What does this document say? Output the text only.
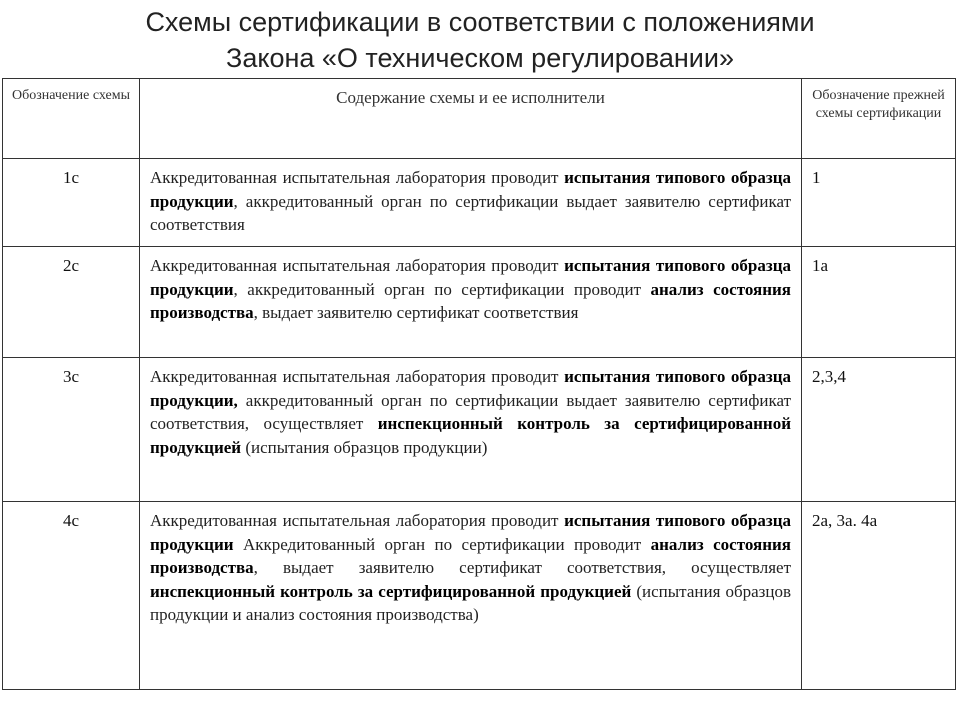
Схемы сертификации в соответствии с положениями
Закона «О техническом регулировании»
Обозначение схемы	Содержание схемы и ее исполнители	Обозначение прежней схемы сертификации
1с	Аккредитованная испытательная лаборатория проводит испытания типового образца продукции, аккредитованный орган по сертификации выдает заявителю сертификат соответствия	1
2с	Аккредитованная испытательная лаборатория проводит испытания типового образца продукции, аккредитованный орган по сертификации проводит анализ состояния производства, выдает заявителю сертификат соответствия	1а
3с	Аккредитованная испытательная лаборатория проводит испытания типового образца продукции, аккредитованный орган по сертификации выдает заявителю сертификат соответствия, осуществляет инспекционный контроль за сертифицированной продукцией (испытания образцов продукции)	2,3,4
4с	Аккредитованная испытательная лаборатория проводит испытания типового образца продукции Аккредитованный орган по сертификации проводит анализ состояния производства, выдает заявителю сертификат соответствия, осуществляет инспекционный контроль за сертифицированной продукцией (испытания образцов продукции и анализ состояния производства)	2а, 3а. 4а
